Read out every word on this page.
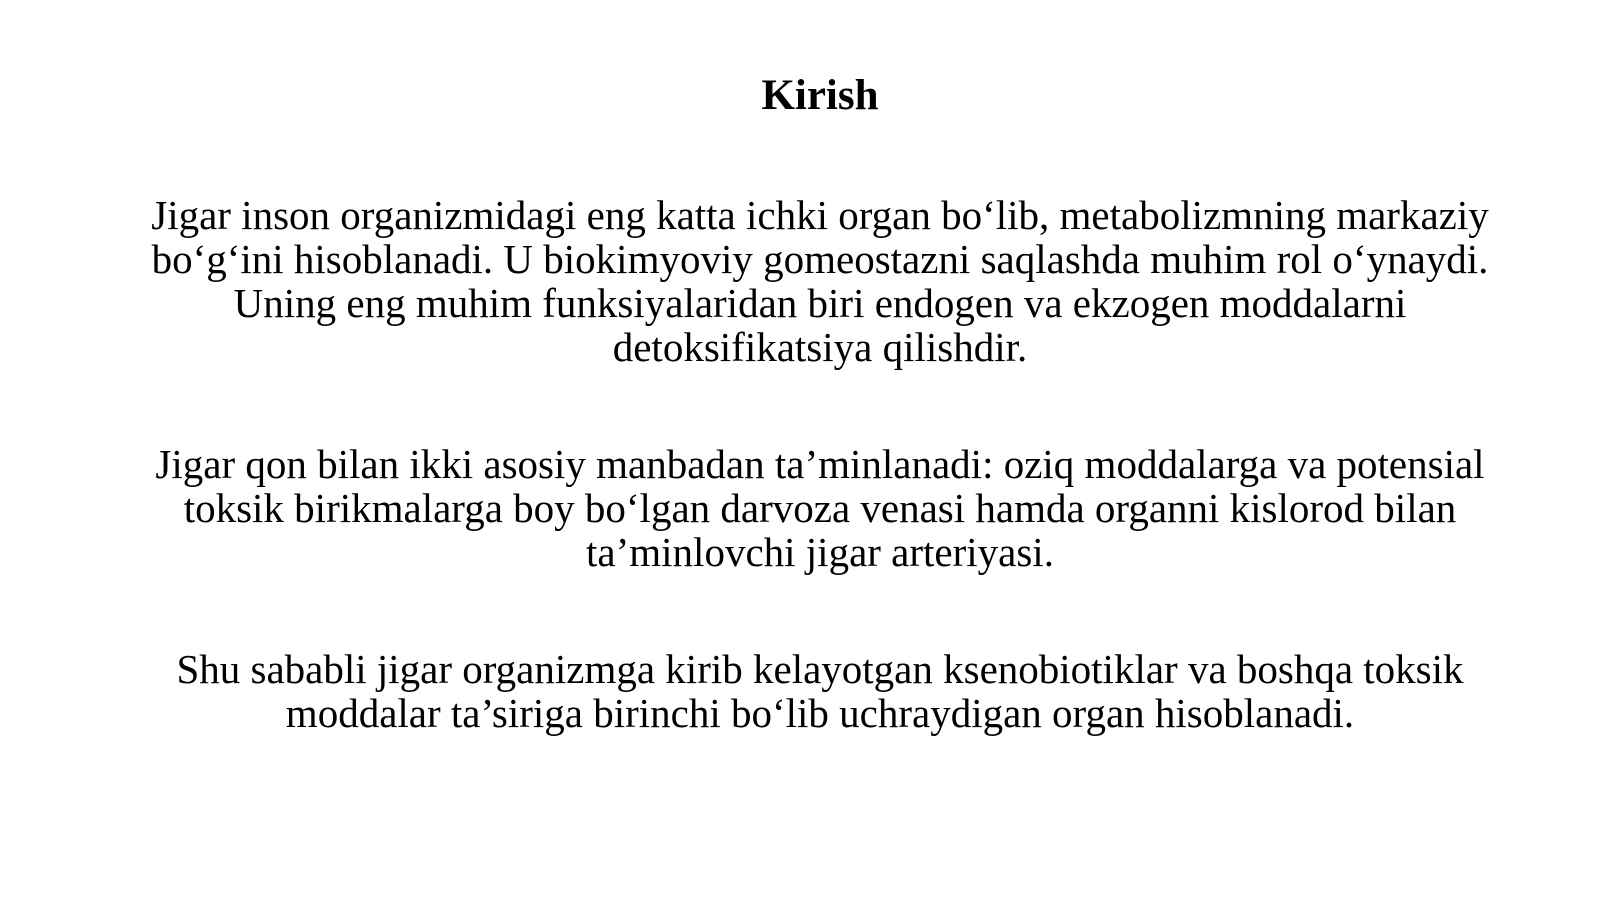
Kirish

Jigar inson organizmidagi eng katta ichki organ bo‘lib, metabolizmning markaziy bo‘g‘ini hisoblanadi. U biokimyoviy gomeostazni saqlashda muhim rol o‘ynaydi. Uning eng muhim funksiyalaridan biri endogen va ekzogen moddalarni detoksifikatsiya qilishdir.

Jigar qon bilan ikki asosiy manbadan ta’minlanadi: oziq moddalarga va potensial toksik birikmalarga boy bo‘lgan darvoza venasi hamda organni kislorod bilan ta’minlovchi jigar arteriyasi.

Shu sababli jigar organizmga kirib kelayotgan ksenobiotiklar va boshqa toksik moddalar ta’siriga birinchi bo‘lib uchraydigan organ hisoblanadi.
